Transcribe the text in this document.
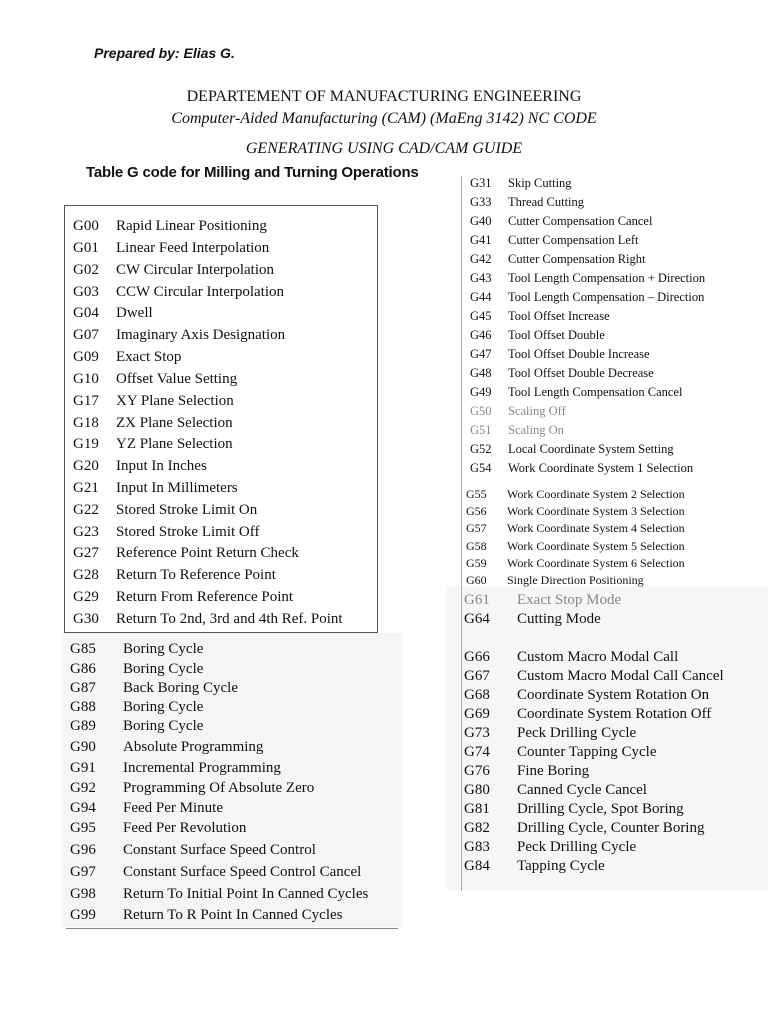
Prepared by: Elias G.
DEPARTEMENT OF MANUFACTURING ENGINEERING
Computer-Aided Manufacturing (CAM) (MaEng 3142) NC CODE
GENERATING USING CAD/CAM GUIDE
Table G code for Milling and Turning Operations
G00 Rapid Linear Positioning
G01 Linear Feed Interpolation
G02 CW Circular Interpolation
G03 CCW Circular Interpolation
G04 Dwell
G07 Imaginary Axis Designation
G09 Exact Stop
G10 Offset Value Setting
G17 XY Plane Selection
G18 ZX Plane Selection
G19 YZ Plane Selection
G20 Input In Inches
G21 Input In Millimeters
G22 Stored Stroke Limit On
G23 Stored Stroke Limit Off
G27 Reference Point Return Check
G28 Return To Reference Point
G29 Return From Reference Point
G30 Return To 2nd, 3rd and 4th Ref. Point
G85 Boring Cycle
G86 Boring Cycle
G87 Back Boring Cycle
G88 Boring Cycle
G89 Boring Cycle
G90 Absolute Programming
G91 Incremental Programming
G92 Programming Of Absolute Zero
G94 Feed Per Minute
G95 Feed Per Revolution
G96 Constant Surface Speed Control
G97 Constant Surface Speed Control Cancel
G98 Return To Initial Point In Canned Cycles
G99 Return To R Point In Canned Cycles
G31 Skip Cutting
G33 Thread Cutting
G40 Cutter Compensation Cancel
G41 Cutter Compensation Left
G42 Cutter Compensation Right
G43 Tool Length Compensation + Direction
G44 Tool Length Compensation – Direction
G45 Tool Offset Increase
G46 Tool Offset Double
G47 Tool Offset Double Increase
G48 Tool Offset Double Decrease
G49 Tool Length Compensation Cancel
G50 Scaling Off
G51 Scaling On
G52 Local Coordinate System Setting
G54 Work Coordinate System 1 Selection
G55 Work Coordinate System 2 Selection
G56 Work Coordinate System 3 Selection
G57 Work Coordinate System 4 Selection
G58 Work Coordinate System 5 Selection
G59 Work Coordinate System 6 Selection
G60 Single Direction Positioning
G61 Exact Stop Mode
G64 Cutting Mode
G66 Custom Macro Modal Call
G67 Custom Macro Modal Call Cancel
G68 Coordinate System Rotation On
G69 Coordinate System Rotation Off
G73 Peck Drilling Cycle
G74 Counter Tapping Cycle
G76 Fine Boring
G80 Canned Cycle Cancel
G81 Drilling Cycle, Spot Boring
G82 Drilling Cycle, Counter Boring
G83 Peck Drilling Cycle
G84 Tapping Cycle
